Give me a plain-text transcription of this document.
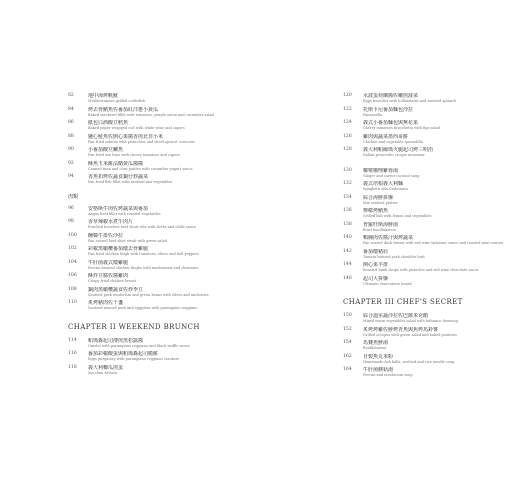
82	地中海烤帆魷
Mediterranean grilled cuttlefish
84	烤去骨鯖魚佐番茄紅洋蔥小黃瓜
Baked mackerel fillet with tomatoes, purple onion and cucumber salad
86	紙包白酒酸豆鱈魚
Baked paper wrapped cod with white wine and capers
88	鹽心鮭魚佐開心果醬香煎北非小米
Pan fried salmon with pistachios and dried apricot couscous
90	小番茄酸豆鱸魚
Pan fried sea bass with cherry tomatoes and capers
92	酥魚玉米餅法酪黃瓜醬醬
Canned tuna and corn patties with cucumber yogurt sauce
94	香魚扣烤佐蔬食鍋仔炒蔬菜
Pan fried fish fillet with sauteed mix vegetables
肉類
96	安格斯牛肉佐烤蔬菜與番茄
Angus beef fillet with roasted vegetables
98	香草辣椒水煮牛肉片
Poached boneless beef short ribs with herbs and chilis sauce
100	醃韓牛排佐沙拉
Pan seared beef skirt steak with green salad
102	彩椒黑橄欖番茄燉去骨雞腿
Pan fried chicken thigh with tomatoes, olives and bell peppers
104	牛肝菌義式燉雞腿
Porcini braised chicken thighs with mushrooms and chestnuts
106	酥炸豆腐佐醬雞肉
Crispy fried chicken breast
108	鍋肉黑橄欖蔬食佐炒季豆
Sauteed pork tenderloin and green beans with olives and anchovies
110	炙烤豬肉佐千盞
Sauteed minced pork and eggplant with parmigiano reggiano
CHAPTER II WEEKEND BRUNCH
114	帕瑪森起司薄煎黑松露醬
Omelet with parmigiano reggiano and black truffle sauce
116	番茄彩椒酸蛋與帕瑪森起司脆餅
Eggs purgatory with parmigiano reggiano crackers
118	義大利櫛瓜煎蛋
Zucchini frittata
120	水波蛋荷蘭醬佐嫩煎菠菜
Eggs benedict with hollandaise and sauteed spinach
122	托斯卡尼番茄麵包沙拉
Panzanella
124	義式小番茄麵包與無花果
Cherry tomatoes bruschetta with figs salad
126	雞肉與蔬菜墨西哥餅
Chicken and vegetable quesadilla
128	義大利帕爾瑪火腿起司烤三明治
Italian prosciutto croque monsieur
130	椰漿咖哩雞蓉湯
Ginger and carrot coconut soup
132	義式培根義大利麵
Spaghetti alla Carbonara
134	綜合海鮮拼盤
Mix seafood platter
136	檸檬烤鯖魚
Grilled fish with lemon and vegetables
138	普羅旺斯海鮮湯
Bowl bouillabaisse
140	鴨胸肉佐醬汁與烤蔬菜
Pan seared duck breast with red wine balsamic sauce and roasted mini carrots
142	番茄燉豬肩
Tomato braised pork shoulder butt
144	開心果羊排
Roasted lamb chops with pistachio and red wine chocolate sauce
146	起司大拼盤
Ultimate charcuterie board
CHAPTER III CHEF'S SECRET
150	綜合溫室蔬沙拉佐巴薩米克醋
Mixed warm vegetables salad with balsamic dressing
152	炙烤烤雞佐鮮烤青魚與焦烤馬鈴薯
Grilled octopus with green salad and baked potatoes
154	馬賽魚鮮湯
Bouillabaisse
162	自製魚丸米粉
Homemade fish balls, seafood and rice noodle soup
164	牛肝菌蘑菇湯
Porcini and mushroom soup
